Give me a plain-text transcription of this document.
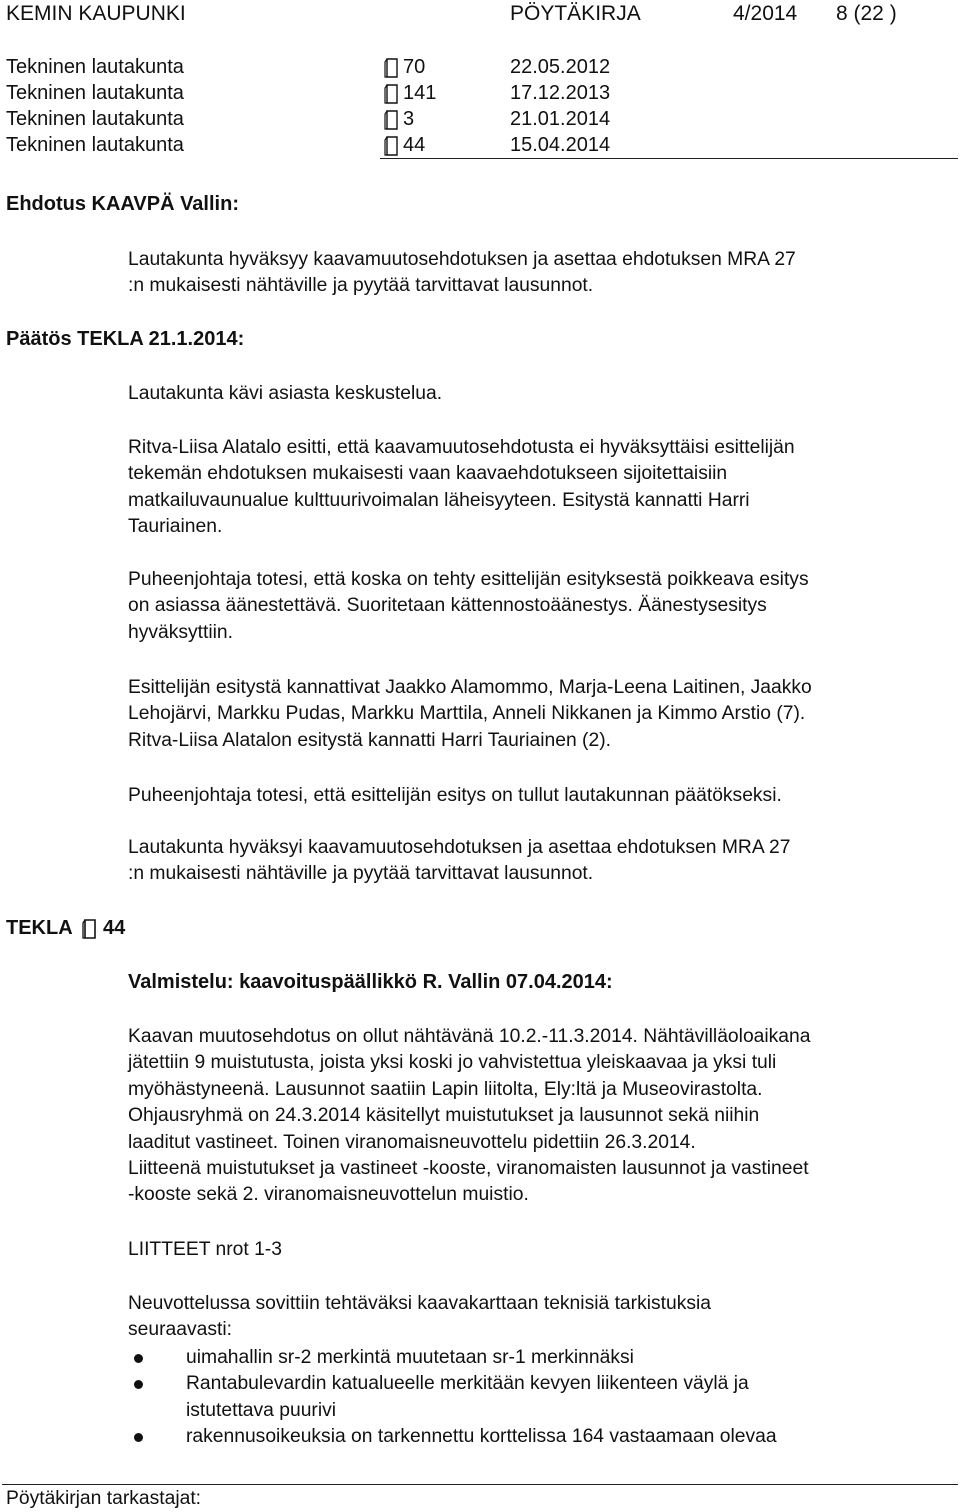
KEMIN KAUPUNKI	PÖYTÄKIRJA	4/2014 8 (22 )
Tekninen lautakunta	70	22.05.2012
Tekninen lautakunta	141	17.12.2013
Tekninen lautakunta	3	21.01.2014
Tekninen lautakunta	44	15.04.2014
Ehdotus KAAVPÄ Vallin:
Lautakunta hyväksyy kaavamuutosehdotuksen ja asettaa ehdotuksen MRA 27
:n mukaisesti nähtäville ja pyytää tarvittavat lausunnot.
Päätös TEKLA 21.1.2014:
Lautakunta kävi asiasta keskustelua.
Ritva-Liisa Alatalo esitti, että kaavamuutosehdotusta ei hyväksyttäisi esittelijän
tekemän ehdotuksen mukaisesti vaan kaavaehdotukseen sijoitettaisiin
matkailuvaunualue kulttuurivoimalan läheisyyteen. Esitystä kannatti Harri
Tauriainen.
Puheenjohtaja totesi, että koska on tehty esittelijän esityksestä poikkeava esitys
on asiassa äänestettävä. Suoritetaan kättennostoäänestys. Äänestysesitys
hyväksyttiin.
Esittelijän esitystä kannattivat Jaakko Alamommo, Marja-Leena Laitinen, Jaakko
Lehojärvi, Markku Pudas, Markku Marttila, Anneli Nikkanen ja Kimmo Arstio (7).
Ritva-Liisa Alatalon esitystä kannatti Harri Tauriainen (2).
Puheenjohtaja totesi, että esittelijän esitys on tullut lautakunnan päätökseksi.
Lautakunta hyväksyi kaavamuutosehdotuksen ja asettaa ehdotuksen MRA 27
:n mukaisesti nähtäville ja pyytää tarvittavat lausunnot.
TEKLA 44
Valmistelu: kaavoituspäällikkö R. Vallin 07.04.2014:
Kaavan muutosehdotus on ollut nähtävänä 10.2.-11.3.2014. Nähtävilläoloaikana
jätettiin 9 muistutusta, joista yksi koski jo vahvistettua yleiskaavaa ja yksi tuli
myöhästyneenä. Lausunnot saatiin Lapin liitolta, Ely:ltä ja Museovirastolta.
Ohjausryhmä on 24.3.2014 käsitellyt muistutukset ja lausunnot sekä niihin
laaditut vastineet. Toinen viranomaisneuvottelu pidettiin 26.3.2014.
Liitteenä muistutukset ja vastineet -kooste, viranomaisten lausunnot ja vastineet
-kooste sekä 2. viranomaisneuvottelun muistio.
LIITTEET nrot 1-3
Neuvottelussa sovittiin tehtäväksi kaavakarttaan teknisiä tarkistuksia
seuraavasti:
uimahallin sr-2 merkintä muutetaan sr-1 merkinnäksi
Rantabulevardin katualueelle merkitään kevyen liikenteen väylä ja
istutettava puurivi
rakennusoikeuksia on tarkennettu korttelissa 164 vastaamaan olevaa
Pöytäkirjan tarkastajat:
